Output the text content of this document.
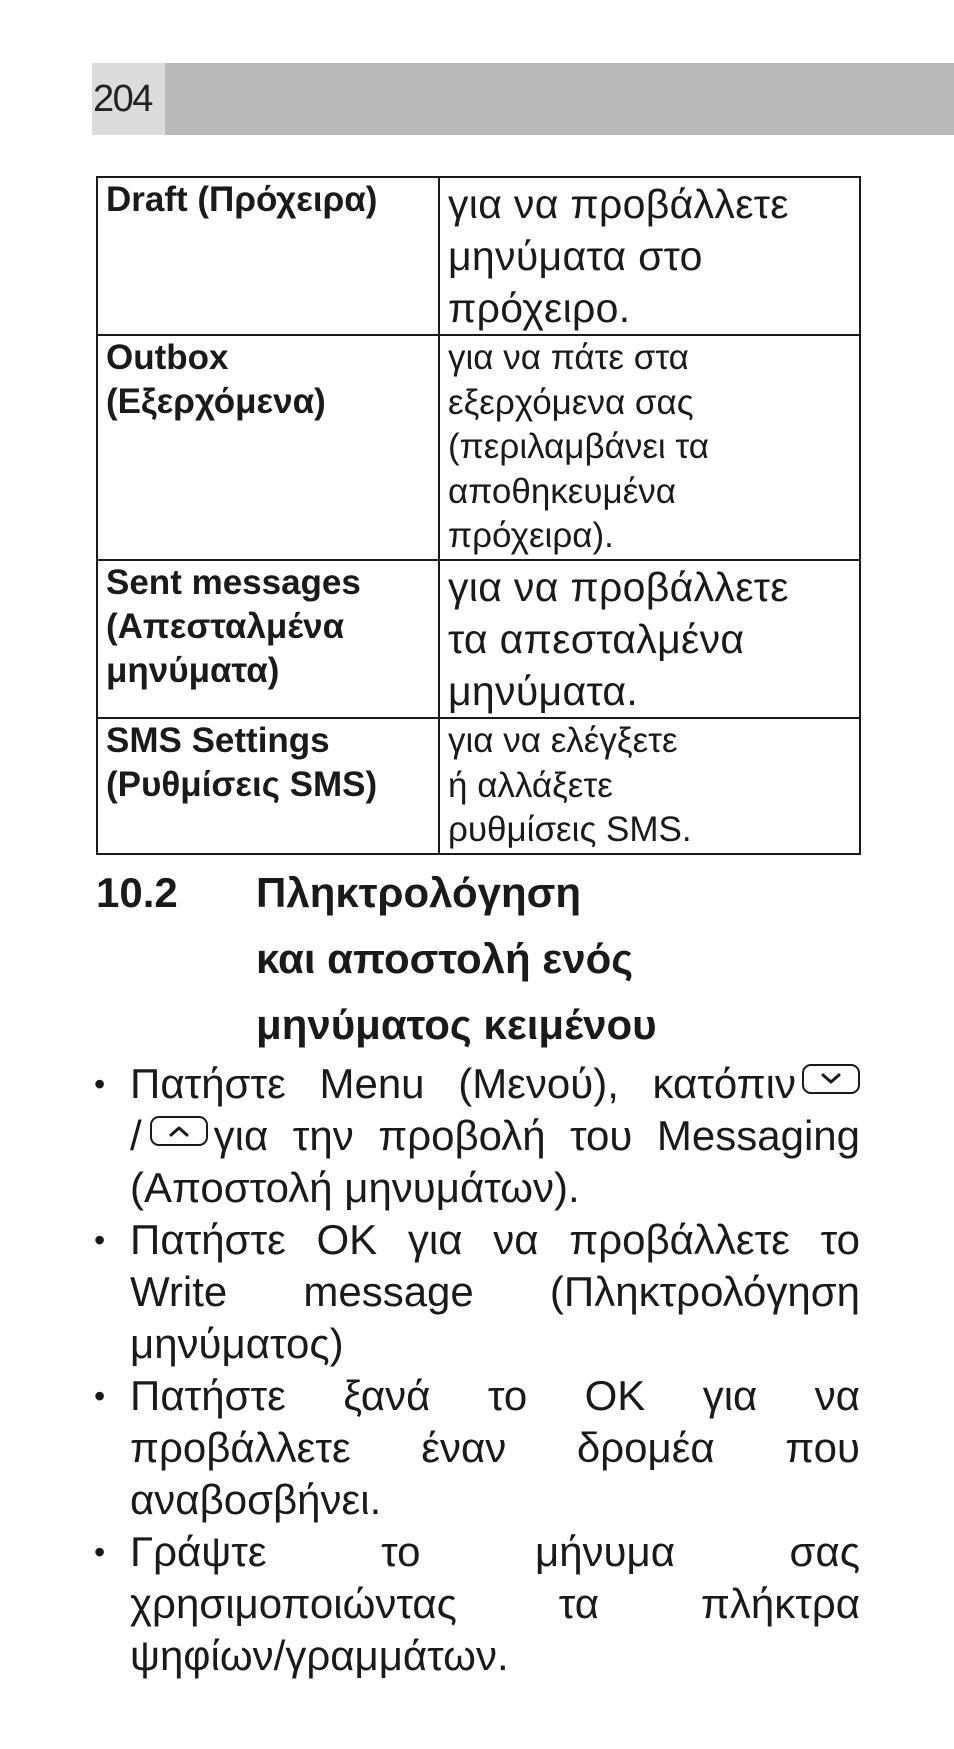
204
Draft (Πρόχειρα)	για να προβάλλετε
μηνύματα στο
πρόχειρο.

Outbox
(Εξερχόμενα)	για να πάτε στα
εξερχόμενα σας
(περιλαμβάνει τα
αποθηκευμένα
πρόχειρα).

Sent messages
(Απεσταλμένα
μηνύματα)	για να προβάλλετε
τα απεσταλμένα
μηνύματα.

SMS Settings
(Ρυθμίσεις SMS)	για να ελέγξετε
ή αλλάξετε
ρυθμίσεις SMS.
10.2 Πληκτρολόγηση
και αποστολή ενός
μηνύματος κειμένου
• Πατήστε Menu (Μενού), κατόπιν
/ για την προβολή του Messaging
(Αποστολή μηνυμάτων).
• Πατήστε OK για να προβάλλετε το
Write message (Πληκτρολόγηση
μηνύματος)
• Πατήστε ξανά το OK για να
προβάλλετε έναν δρομέα που
αναβοσβήνει.
• Γράψτε το μήνυμα σας
χρησιμοποιώντας τα πλήκτρα
ψηφίων/γραμμάτων.
